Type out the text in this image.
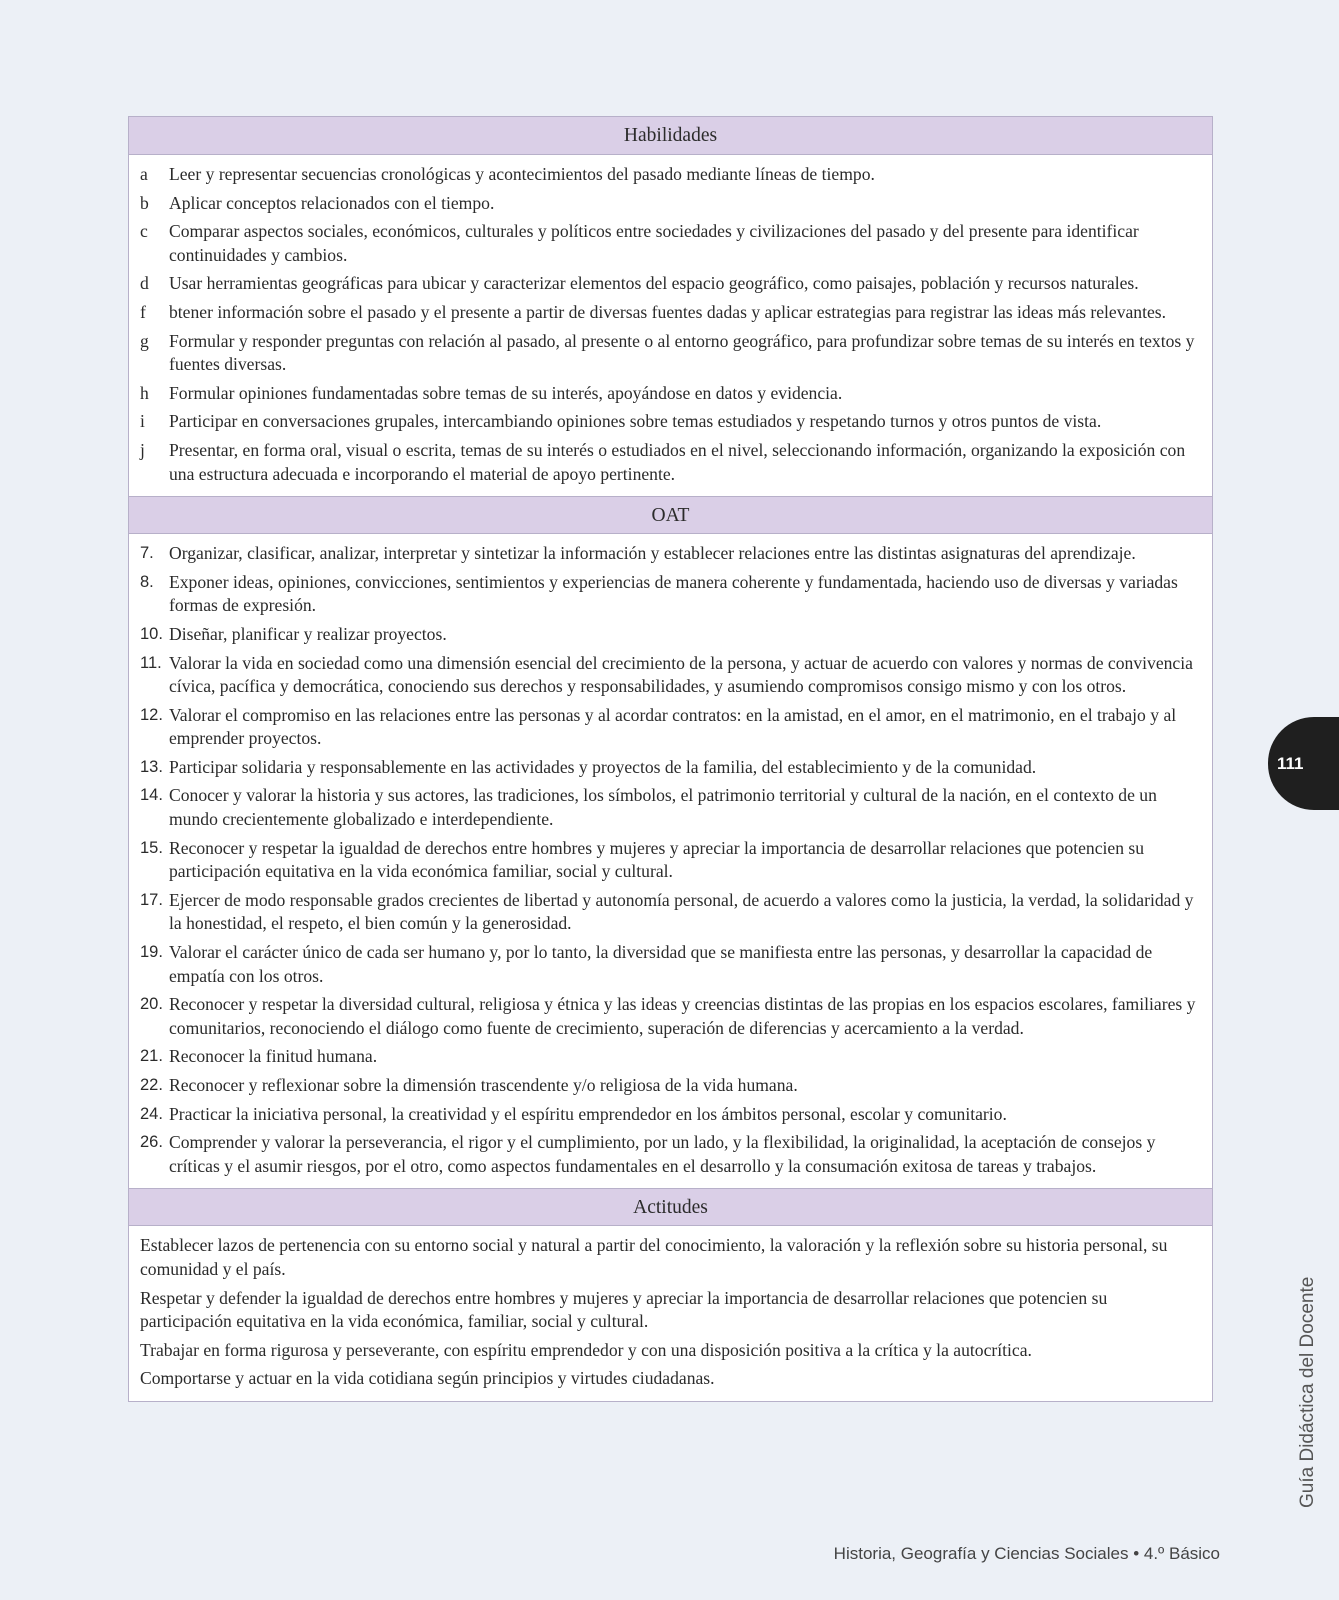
Habilidades
a	Leer y representar secuencias cronológicas y acontecimientos del pasado mediante líneas de tiempo.
b	Aplicar conceptos relacionados con el tiempo.
c	Comparar aspectos sociales, económicos, culturales y políticos entre sociedades y civilizaciones del pasado y del presente para identificar continuidades y cambios.
d	Usar herramientas geográficas para ubicar y caracterizar elementos del espacio geográfico, como paisajes, población y recursos naturales.
f	btener información sobre el pasado y el presente a partir de diversas fuentes dadas y aplicar estrategias para registrar las ideas más relevantes.
g	Formular y responder preguntas con relación al pasado, al presente o al entorno geográfico, para profundizar sobre temas de su interés en textos y fuentes diversas.
h	Formular opiniones fundamentadas sobre temas de su interés, apoyándose en datos y evidencia.
i	Participar en conversaciones grupales, intercambiando opiniones sobre temas estudiados y respetando turnos y otros puntos de vista.
j	Presentar, en forma oral, visual o escrita, temas de su interés o estudiados en el nivel, seleccionando información, organizando la exposición con una estructura adecuada e incorporando el material de apoyo pertinente.
OAT
7. Organizar, clasificar, analizar, interpretar y sintetizar la información y establecer relaciones entre las distintas asignaturas del aprendizaje.
8. Exponer ideas, opiniones, convicciones, sentimientos y experiencias de manera coherente y fundamentada, haciendo uso de diversas y variadas formas de expresión.
10. Diseñar, planificar y realizar proyectos.
11. Valorar la vida en sociedad como una dimensión esencial del crecimiento de la persona, y actuar de acuerdo con valores y normas de convivencia cívica, pacífica y democrática, conociendo sus derechos y responsabilidades, y asumiendo compromisos consigo mismo y con los otros.
12. Valorar el compromiso en las relaciones entre las personas y al acordar contratos: en la amistad, en el amor, en el matrimonio, en el trabajo y al emprender proyectos.
13. Participar solidaria y responsablemente en las actividades y proyectos de la familia, del establecimiento y de la comunidad.
14. Conocer y valorar la historia y sus actores, las tradiciones, los símbolos, el patrimonio territorial y cultural de la nación, en el contexto de un mundo crecientemente globalizado e interdependiente.
15. Reconocer y respetar la igualdad de derechos entre hombres y mujeres y apreciar la importancia de desarrollar relaciones que potencien su participación equitativa en la vida económica familiar, social y cultural.
17. Ejercer de modo responsable grados crecientes de libertad y autonomía personal, de acuerdo a valores como la justicia, la verdad, la solidaridad y la honestidad, el respeto, el bien común y la generosidad.
19. Valorar el carácter único de cada ser humano y, por lo tanto, la diversidad que se manifiesta entre las personas, y desarrollar la capacidad de empatía con los otros.
20. Reconocer y respetar la diversidad cultural, religiosa y étnica y las ideas y creencias distintas de las propias en los espacios escolares, familiares y comunitarios, reconociendo el diálogo como fuente de crecimiento, superación de diferencias y acercamiento a la verdad.
21. Reconocer la finitud humana.
22. Reconocer y reflexionar sobre la dimensión trascendente y/o religiosa de la vida humana.
24. Practicar la iniciativa personal, la creatividad y el espíritu emprendedor en los ámbitos personal, escolar y comunitario.
26. Comprender y valorar la perseverancia, el rigor y el cumplimiento, por un lado, y la flexibilidad, la originalidad, la aceptación de consejos y críticas y el asumir riesgos, por el otro, como aspectos fundamentales en el desarrollo y la consumación exitosa de tareas y trabajos.
Actitudes
Establecer lazos de pertenencia con su entorno social y natural a partir del conocimiento, la valoración y la reflexión sobre su historia personal, su comunidad y el país.
Respetar y defender la igualdad de derechos entre hombres y mujeres y apreciar la importancia de desarrollar relaciones que potencien su participación equitativa en la vida económica, familiar, social y cultural.
Trabajar en forma rigurosa y perseverante, con espíritu emprendedor y con una disposición positiva a la crítica y la autocrítica.
Comportarse y actuar en la vida cotidiana según principios y virtudes ciudadanas.
111
Guía Didáctica del Docente
Historia, Geografía y Ciencias Sociales • 4.º Básico
